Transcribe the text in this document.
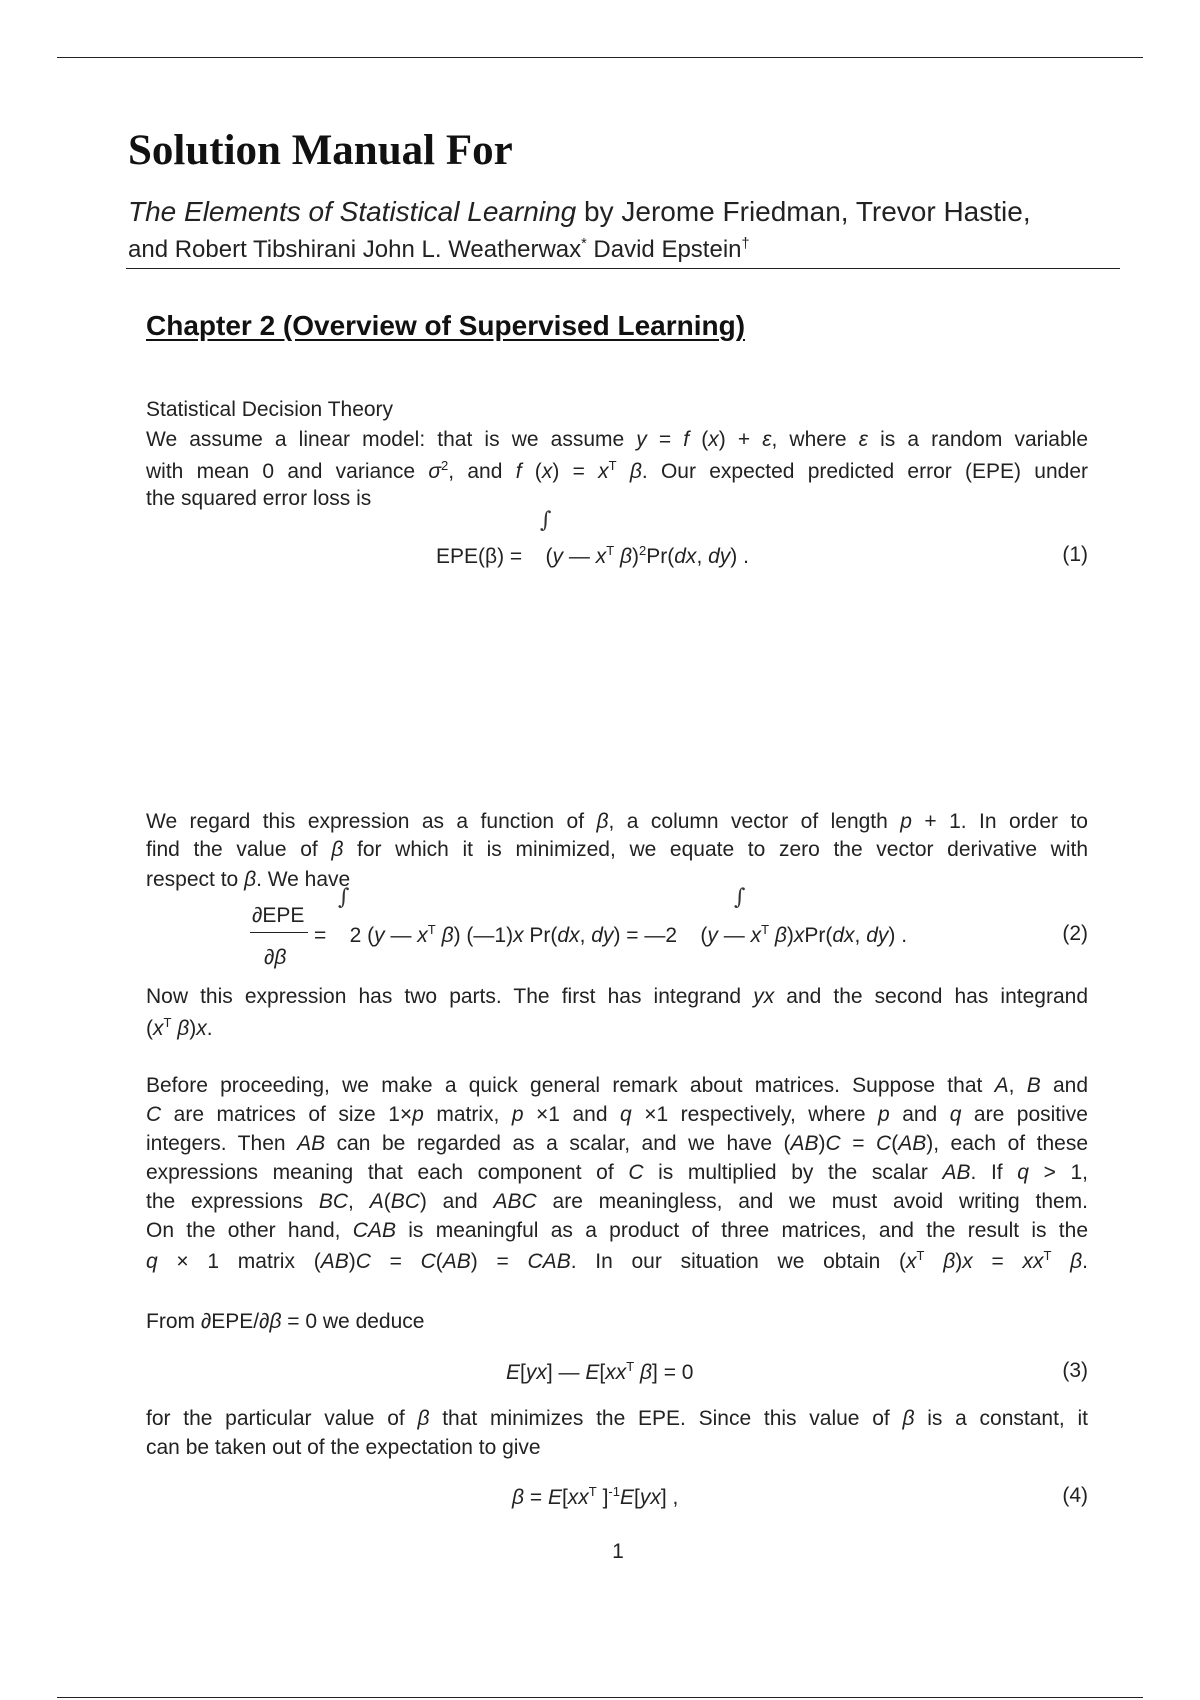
Solution Manual For

The Elements of Statistical Learning by Jerome Friedman, Trevor Hastie,

and Robert Tibshirani John L. Weatherwax* David Epstein†

Chapter 2 (Overview of Supervised Learning)

Statistical Decision Theory

We assume a linear model: that is we assume y = f (x) + ε, where ε is a random variable

with mean 0 and variance $\sigma^2$, and f $(x) = x^T$ β. Our expected predicted error (EPE) under

the squared error loss is

∫

EPE(β) =    (y — $x^T$ β)$^2$Pr(dx, dy) .	(1)

We regard this expression as a function of β, a column vector of length p + 1. In order to

find the value of β for which it is minimized, we equate to zero the vector derivative with

respect to β. We have

∫	∫

∂EPE

∂β

=    2 (y — $x^T$ β) (—1)x Pr(dx, dy) = —2    (y — $x^T$ β)xPr(dx, dy) .	(2)

Now this expression has two parts. The first has integrand yx and the second has integrand

($x^T$ β)x.

Before proceeding, we make a quick general remark about matrices. Suppose that A, B and

C are matrices of size 1×p matrix, p ×1 and q ×1 respectively, where p and q are positive

integers. Then AB can be regarded as a scalar, and we have (AB)C = C(AB), each of these

expressions meaning that each component of C is multiplied by the scalar AB. If q > 1,

the expressions BC, A(BC) and ABC are meaningless, and we must avoid writing them.

On the other hand, CAB is meaningful as a product of three matrices, and the result is the

q × 1 matrix (AB)C = C(AB) = CAB. In our situation we obtain ($x^T$ $\beta)x = xx^T$ β.

From ∂EPE/∂β = 0 we deduce

E[yx] — $E[xx^T$ β] = 0	(3)

for the particular value of β that minimizes the EPE. Since this value of β is a constant, it

can be taken out of the expectation to give

$\beta = E[xx^T$ ]$^{-1}$E[yx] ,	(4)

1
